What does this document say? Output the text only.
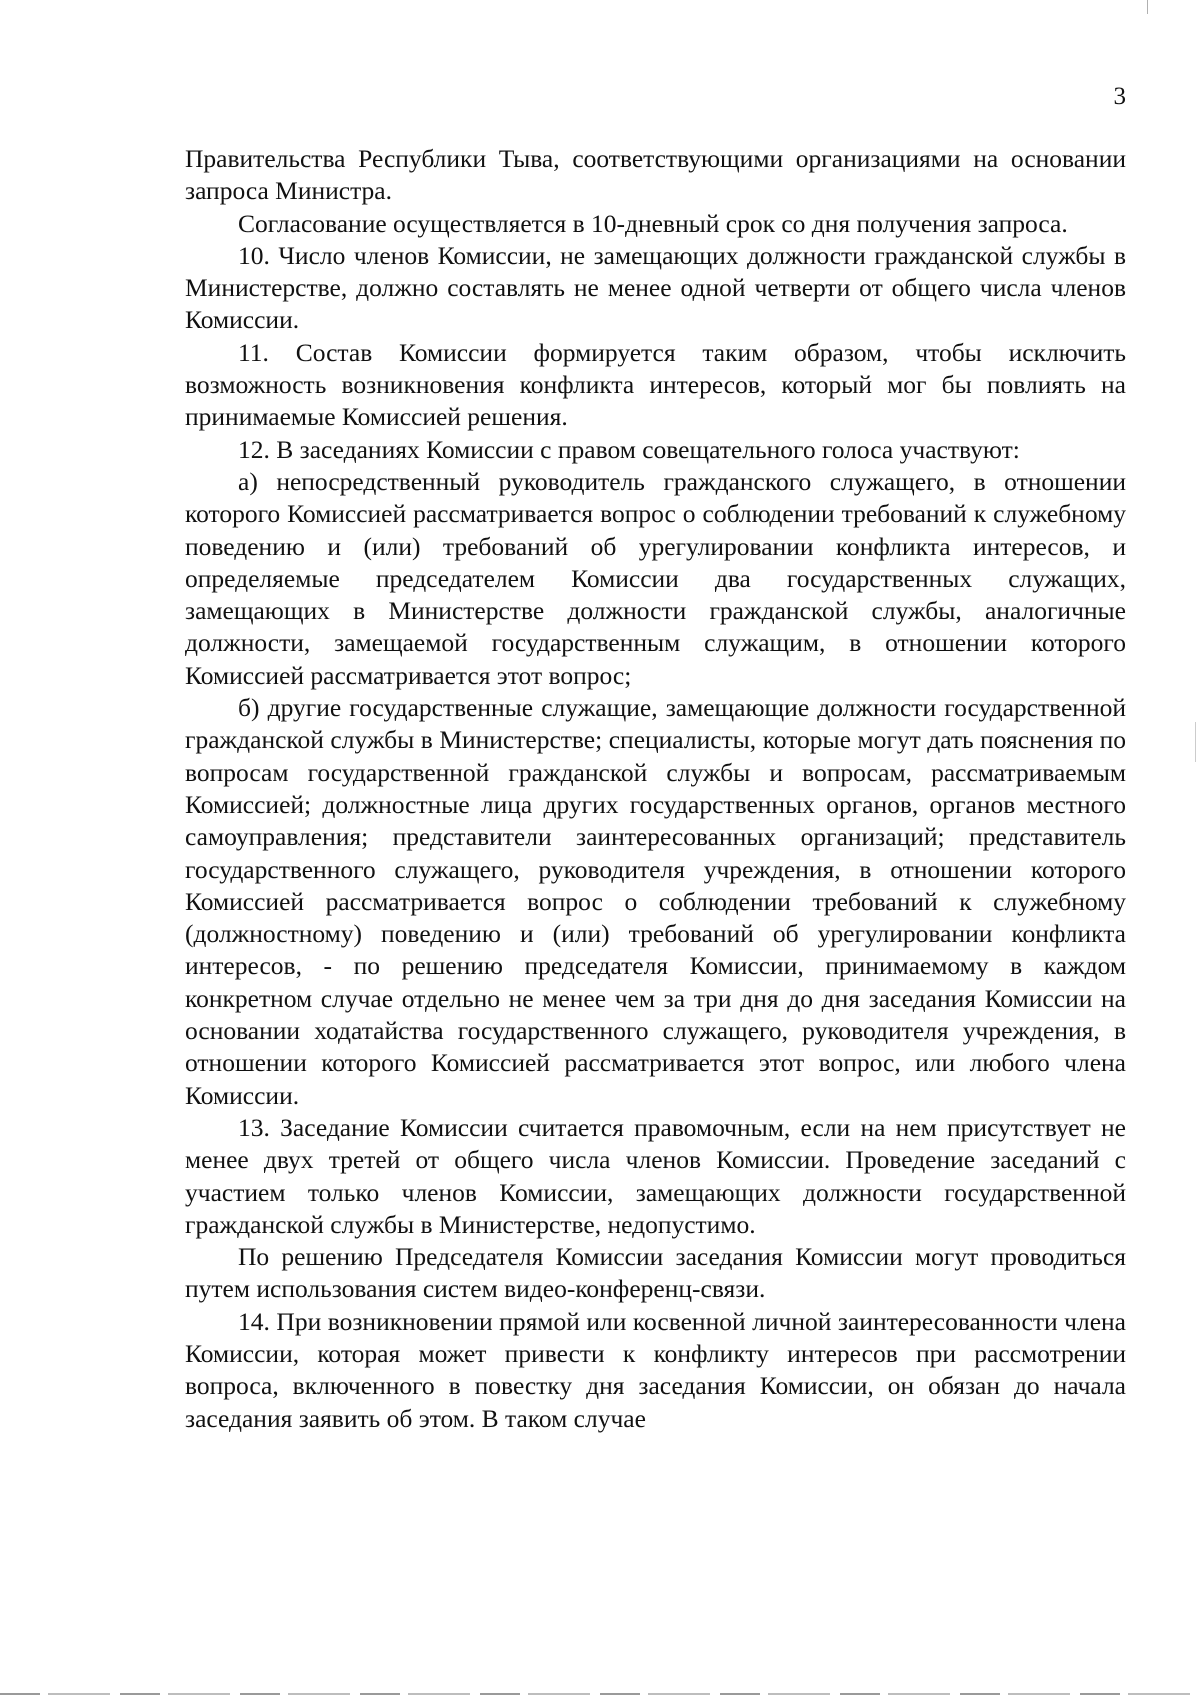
3

Правительства Республики Тыва, соответствующими организациями на основании запроса Министра.

Согласование осуществляется в 10-дневный срок со дня получения запроса.

10. Число членов Комиссии, не замещающих должности гражданской службы в Министерстве, должно составлять не менее одной четверти от общего числа членов Комиссии.

11. Состав Комиссии формируется таким образом, чтобы исключить возможность возникновения конфликта интересов, который мог бы повлиять на принимаемые Комиссией решения.

12. В заседаниях Комиссии с правом совещательного голоса участвуют:

а) непосредственный руководитель гражданского служащего, в отношении которого Комиссией рассматривается вопрос о соблюдении требований к служебному поведению и (или) требований об урегулировании конфликта интересов, и определяемые председателем Комиссии два государственных служащих, замещающих в Министерстве должности гражданской службы, аналогичные должности, замещаемой государственным служащим, в отношении которого Комиссией рассматривается этот вопрос;

б) другие государственные служащие, замещающие должности государственной гражданской службы в Министерстве; специалисты, которые могут дать пояснения по вопросам государственной гражданской службы и вопросам, рассматриваемым Комиссией; должностные лица других государственных органов, органов местного самоуправления; представители заинтересованных организаций; представитель государственного служащего, руководителя учреждения, в отношении которого Комиссией рассматривается вопрос о соблюдении требований к служебному (должностному) поведению и (или) требований об урегулировании конфликта интересов, - по решению председателя Комиссии, принимаемому в каждом конкретном случае отдельно не менее чем за три дня до дня заседания Комиссии на основании ходатайства государственного служащего, руководителя учреждения, в отношении которого Комиссией рассматривается этот вопрос, или любого члена Комиссии.

13. Заседание Комиссии считается правомочным, если на нем присутствует не менее двух третей от общего числа членов Комиссии. Проведение заседаний с участием только членов Комиссии, замещающих должности государственной гражданской службы в Министерстве, недопустимо.

По решению Председателя Комиссии заседания Комиссии могут проводиться путем использования систем видео-конференц-связи.

14. При возникновении прямой или косвенной личной заинтересованности члена Комиссии, которая может привести к конфликту интересов при рассмотрении вопроса, включенного в повестку дня заседания Комиссии, он обязан до начала заседания заявить об этом. В таком случае
